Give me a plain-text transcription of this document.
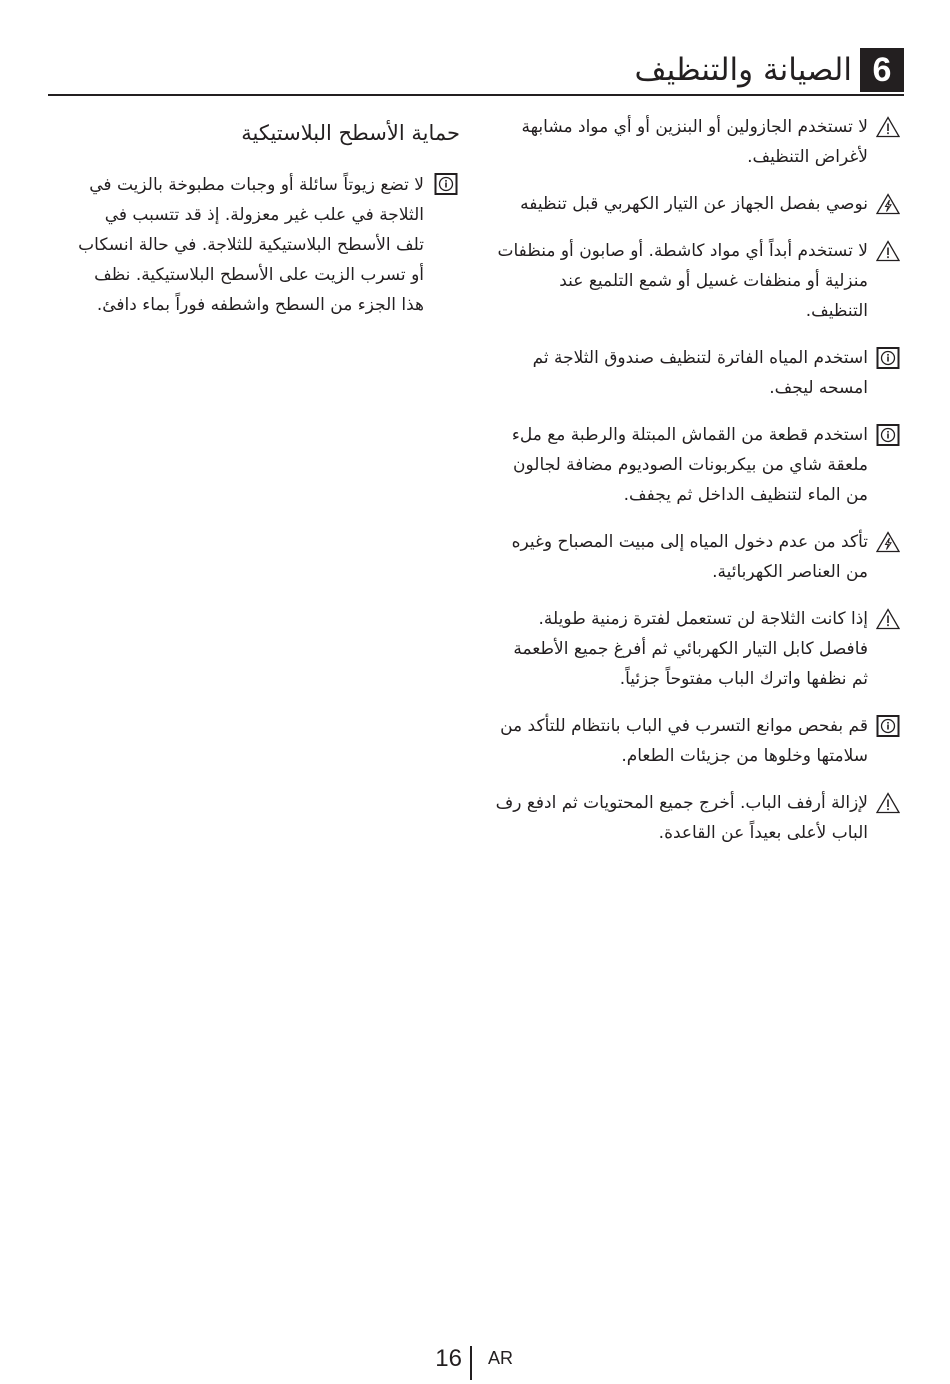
6
الصيانة والتنظيف
لا تستخدم الجازولين أو البنزين أو أي مواد مشابهة لأغراض التنظيف.
نوصي بفصل الجهاز عن التيار الكهربي قبل تنظيفه
لا تستخدم أبداً أي مواد كاشطة. أو صابون أو منظفات منزلية أو منظفات غسيل أو شمع التلميع عند التنظيف.
استخدم المياه الفاترة لتنظيف صندوق الثلاجة ثم امسحه ليجف.
استخدم قطعة من القماش المبتلة والرطبة مع ملء ملعقة شاي من بيكربونات الصوديوم مضافة لجالون من الماء لتنظيف الداخل ثم يجفف.
تأكد من عدم دخول المياه إلى مبيت المصباح وغيره من العناصر الكهربائية.
إذا كانت الثلاجة لن تستعمل لفترة زمنية طويلة. فافصل كابل التيار الكهربائي ثم أفرغ جميع الأطعمة ثم نظفها واترك الباب مفتوحاً جزئياً.
قم بفحص موانع التسرب في الباب بانتظام للتأكد من سلامتها وخلوها من جزيئات الطعام.
لإزالة أرفف الباب. أخرج جميع المحتويات ثم ادفع رف الباب لأعلى بعيداً عن القاعدة.
حماية الأسطح البلاستيكية
لا تضع زيوتاً سائلة أو وجبات مطبوخة بالزيت في الثلاجة في علب غير معزولة. إذ قد تتسبب في تلف الأسطح البلاستيكية للثلاجة. في حالة انسكاب أو تسرب الزيت على الأسطح البلاستيكية. نظف هذا الجزء من السطح واشطفه فوراً بماء دافئ.
16 AR
